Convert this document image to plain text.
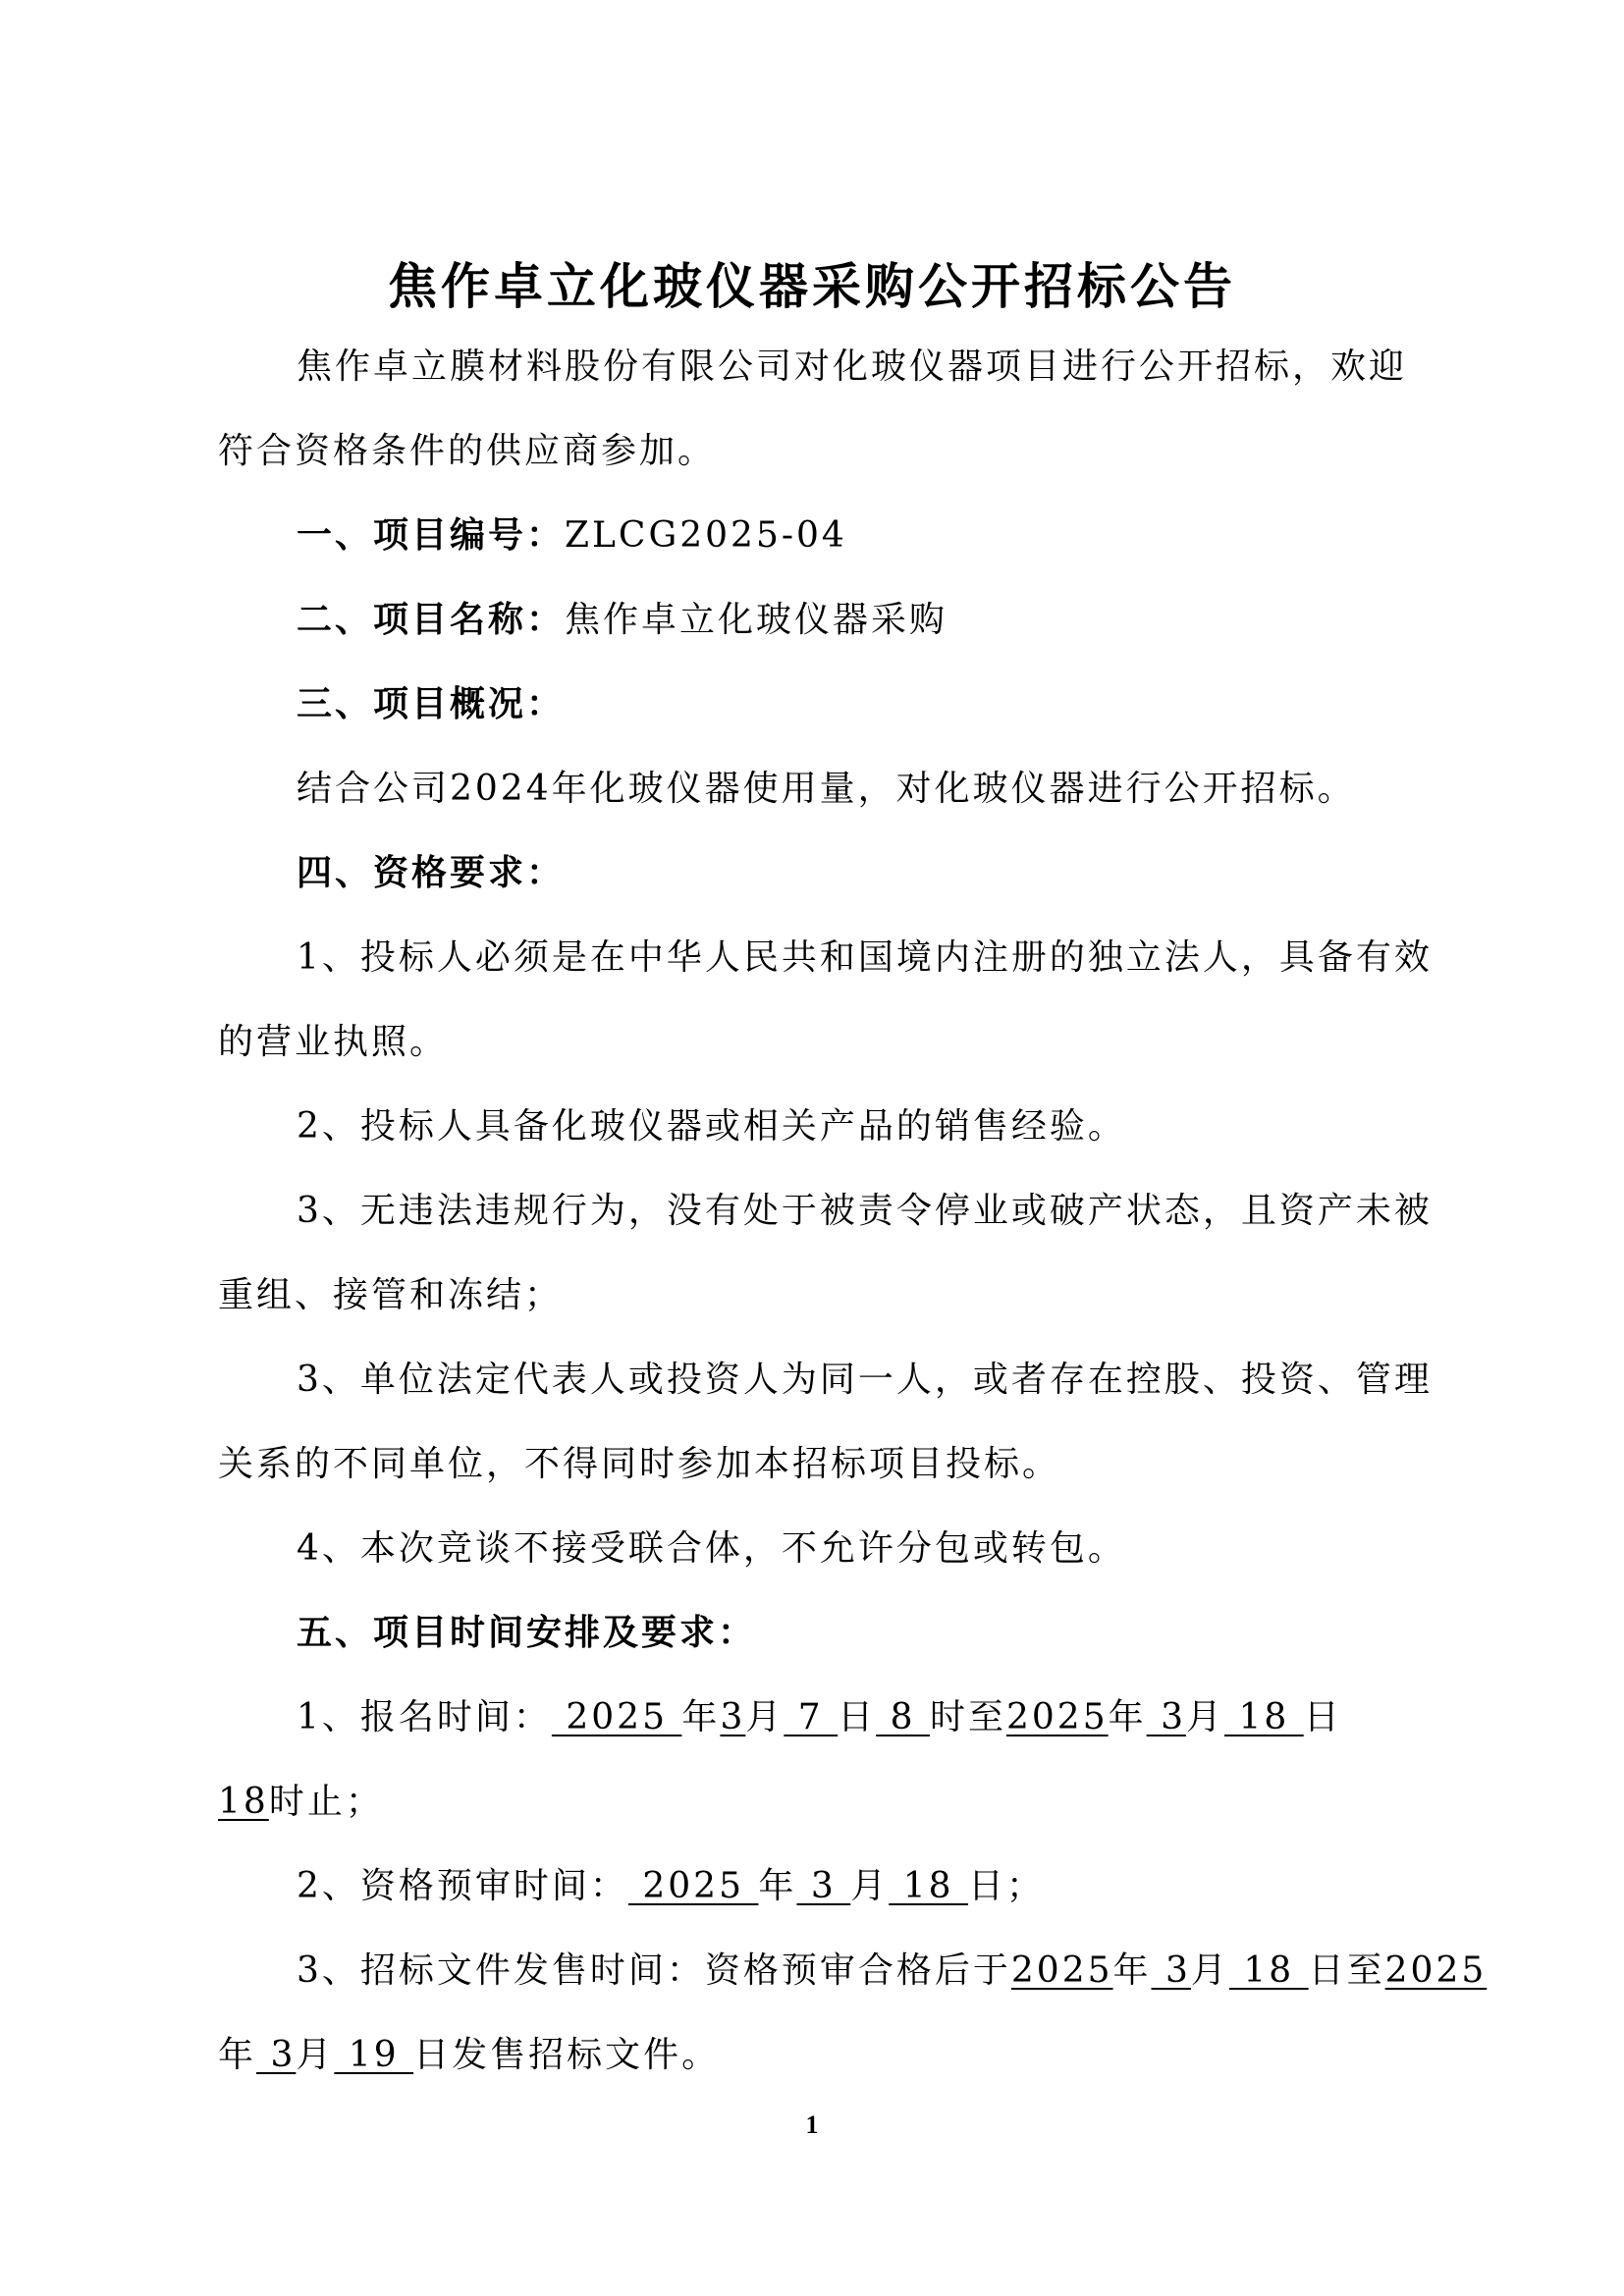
焦作卓立化玻仪器采购公开招标公告
焦作卓立膜材料股份有限公司对化玻仪器项目进行公开招标，欢迎
符合资格条件的供应商参加。
一、项目编号：ZLCG2025-04
二、项目名称：焦作卓立化玻仪器采购
三、项目概况：
结合公司2024年化玻仪器使用量，对化玻仪器进行公开招标。
四、资格要求：
1、投标人必须是在中华人民共和国境内注册的独立法人，具备有效
的营业执照。
2、投标人具备化玻仪器或相关产品的销售经验。
3、无违法违规行为，没有处于被责令停业或破产状态，且资产未被
重组、接管和冻结；
3、单位法定代表人或投资人为同一人，或者存在控股、投资、管理
关系的不同单位，不得同时参加本招标项目投标。
4、本次竞谈不接受联合体，不允许分包或转包。
五、项目时间安排及要求：
1、报名时间： 2025 年3月 7 日 8 时至2025年 3月 18 日
18时止；
2、资格预审时间： 2025 年 3 月 18 日；
3、招标文件发售时间：资格预审合格后于2025年 3月 18 日至2025
年 3月 19 日发售招标文件。
1
